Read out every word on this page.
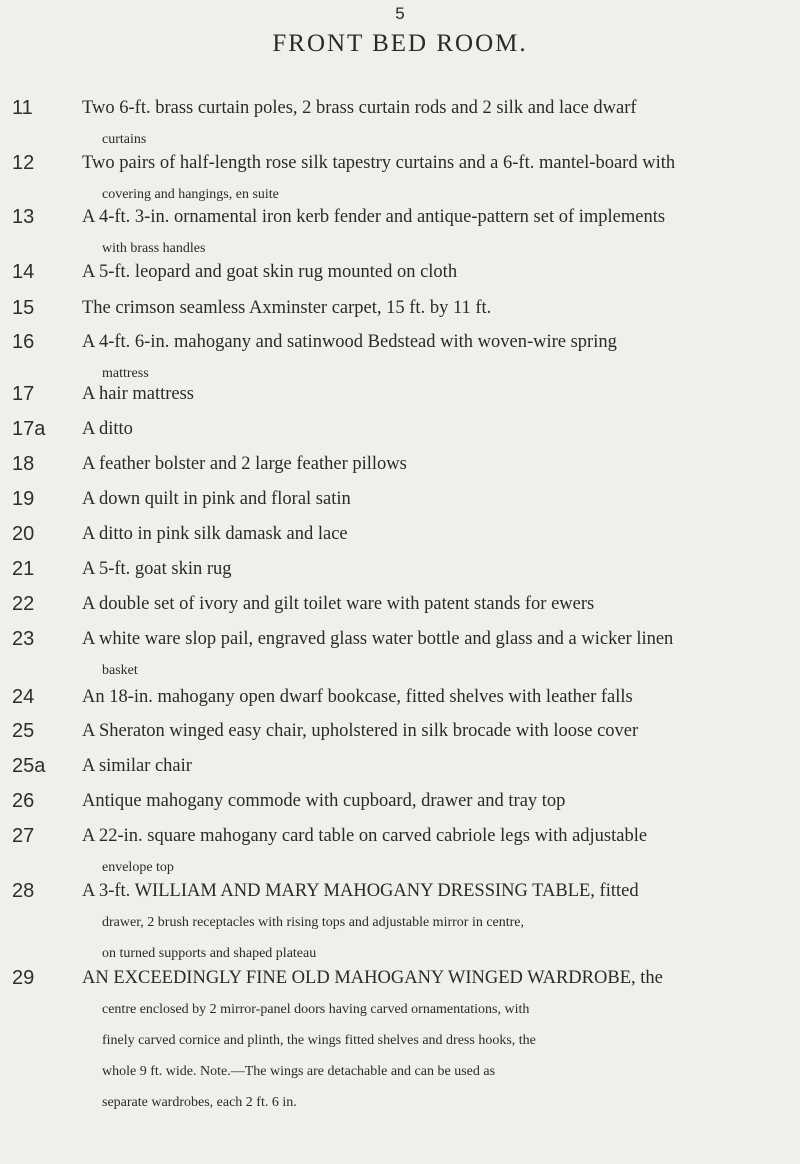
5
FRONT BED ROOM.
11	Two 6-ft. brass curtain poles, 2 brass curtain rods and 2 silk and lace dwarf
curtains
12	Two pairs of half-length rose silk tapestry curtains and a 6-ft. mantel-board with
covering and hangings, en suite
13	A 4-ft. 3-in. ornamental iron kerb fender and antique-pattern set of implements
with brass handles
14	A 5-ft. leopard and goat skin rug mounted on cloth
15	The crimson seamless Axminster carpet, 15 ft. by 11 ft.
16	A 4-ft. 6-in. mahogany and satinwood Bedstead with woven-wire spring
mattress
17	A hair mattress
17a	A ditto
18	A feather bolster and 2 large feather pillows
19	A down quilt in pink and floral satin
20	A ditto in pink silk damask and lace
21	A 5-ft. goat skin rug
22	A double set of ivory and gilt toilet ware with patent stands for ewers
23	A white ware slop pail, engraved glass water bottle and glass and a wicker linen
basket
24	An 18-in. mahogany open dwarf bookcase, fitted shelves with leather falls
25	A Sheraton winged easy chair, upholstered in silk brocade with loose cover
25a	A similar chair
26	Antique mahogany commode with cupboard, drawer and tray top
27	A 22-in. square mahogany card table on carved cabriole legs with adjustable
envelope top
28	A 3-ft. WILLIAM AND MARY MAHOGANY DRESSING TABLE, fitted
drawer, 2 brush receptacles with rising tops and adjustable mirror in centre,
on turned supports and shaped plateau
29	AN EXCEEDINGLY FINE OLD MAHOGANY WINGED WARDROBE, the
centre enclosed by 2 mirror-panel doors having carved ornamentations, with
finely carved cornice and plinth, the wings fitted shelves and dress hooks, the
whole 9 ft. wide. Note.—The wings are detachable and can be used as
separate wardrobes, each 2 ft. 6 in.
